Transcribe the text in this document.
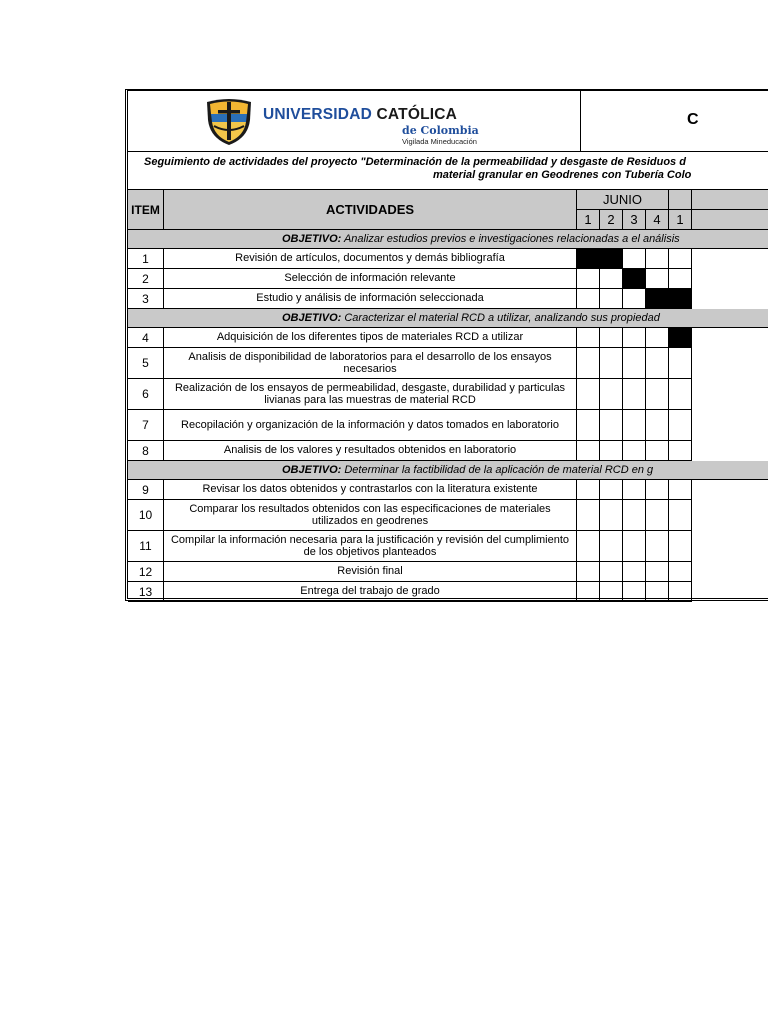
UNIVERSIDAD CATÓLICA
de Colombia
Vigilada Mineducación
C
Seguimiento de actividades del proyecto "Determinación de la permeabilidad y desgaste de Residuos d
material granular en Geodrenes con Tubería Colo
ITEM	ACTIVIDADES
JUNIO
1	2	3	4	1
OBJETIVO: Analizar estudios previos e investigaciones relacionadas a el análisis
1	Revisión de artículos, documentos y demás bibliografía
2	Selección de información relevante
3	Estudio y análisis de información seleccionada
OBJETIVO: Caracterizar el material RCD a utilizar, analizando sus propiedad
4	Adquisición de los diferentes tipos de materiales RCD a utilizar
5	Analisis de disponibilidad de laboratorios para el desarrollo de los ensayos necesarios
6	Realización de los ensayos de permeabilidad, desgaste, durabilidad y particulas livianas para las muestras de material RCD
7	Recopilación y organización de la información y datos tomados en laboratorio
8	Analisis de los valores y resultados obtenidos en laboratorio
OBJETIVO: Determinar la factibilidad de la aplicación de material RCD en g
9	Revisar los datos obtenidos y contrastarlos con la literatura existente
10	Comparar los resultados obtenidos con las especificaciones de materiales utilizados en geodrenes
11	Compilar la información necesaria para la justificación y revisión del cumplimiento de los objetivos planteados
12	Revisión final
13	Entrega del trabajo de grado
